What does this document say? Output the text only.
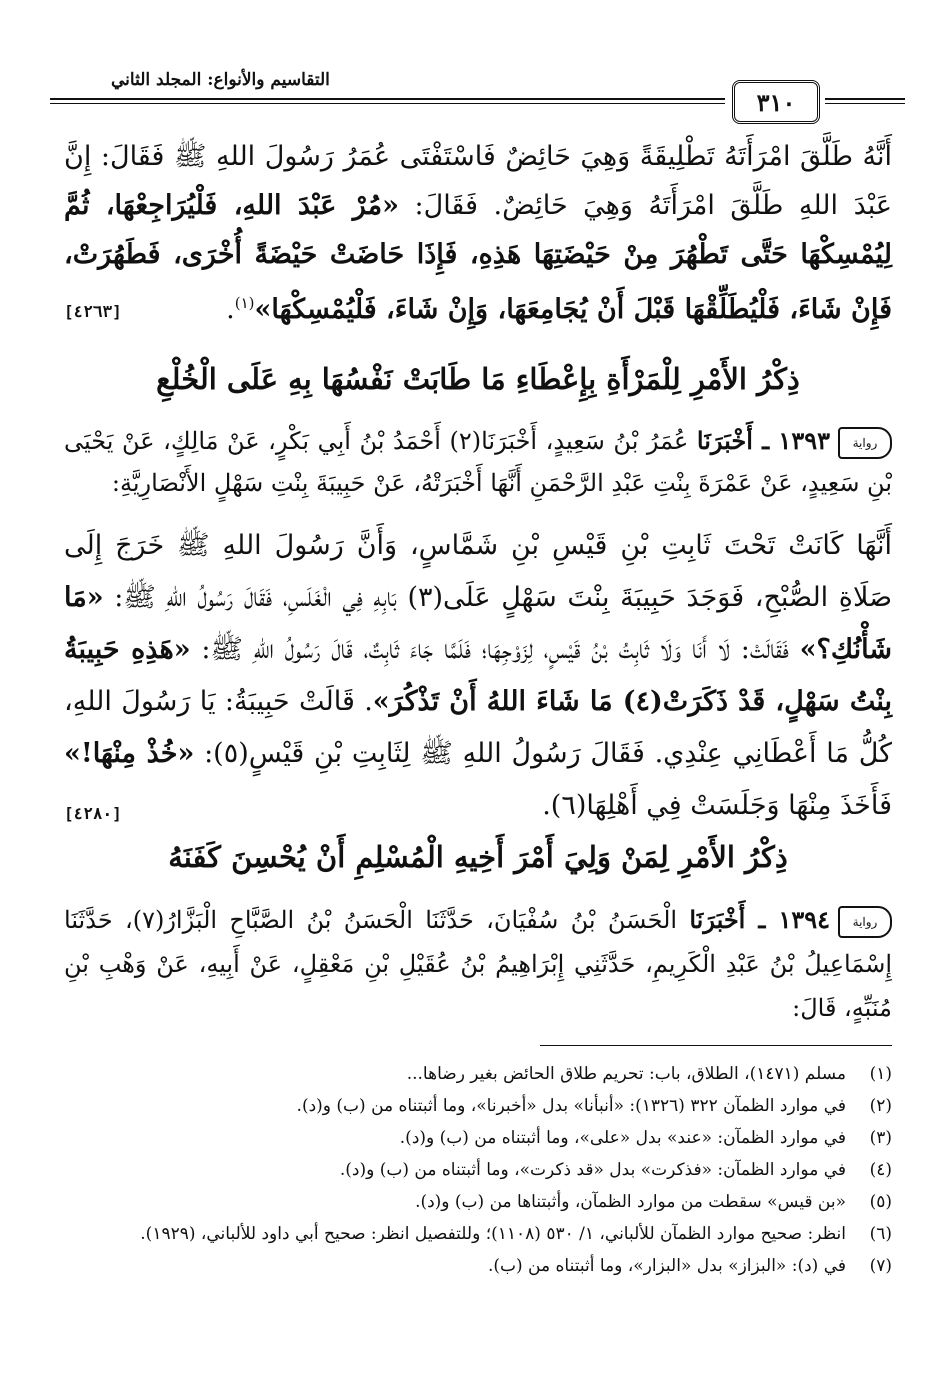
التقاسيم والأنواع: المجلد الثاني
٣١٠
أَنَّهُ طَلَّقَ امْرَأَتَهُ تَطْلِيقَةً وَهِيَ حَائِضٌ فَاسْتَفْتَى عُمَرُ رَسُولَ اللهِ ﷺ فَقَالَ: إِنَّ عَبْدَ اللهِ طَلَّقَ امْرَأَتَهُ وَهِيَ حَائِضٌ. فَقَالَ: «مُرْ عَبْدَ اللهِ، فَلْيُرَاجِعْهَا، ثُمَّ لِيُمْسِكْهَا حَتَّى تَطْهُرَ مِنْ حَيْضَتِهَا هَذِهِ، فَإِذَا حَاضَتْ حَيْضَةً أُخْرَى، فَطَهُرَتْ، فَإِنْ شَاءَ، فَلْيُطَلِّقْهَا قَبْلَ أَنْ يُجَامِعَهَا، وَإِنْ شَاءَ، فَلْيُمْسِكْهَا»$^{(١)}$.
[٤٢٦٣]
ذِكْرُ الأَمْرِ لِلْمَرْأَةِ بِإِعْطَاءِ مَا طَابَتْ نَفْسُهَا بِهِ عَلَى الْخُلْعِ
رواية١٣٩٣ ـ أَخْبَرَنَا عُمَرُ بْنُ سَعِيدٍ، أَخْبَرَنَا(٢) أَحْمَدُ بْنُ أَبِي بَكْرٍ، عَنْ مَالِكٍ، عَنْ يَحْيَى بْنِ سَعِيدٍ، عَنْ عَمْرَةَ بِنْتِ عَبْدِ الرَّحْمَنِ أَنَّهَا أَخْبَرَتْهُ، عَنْ حَبِيبَةَ بِنْتِ سَهْلٍ الأَنْصَارِيَّةِ:
أَنَّهَا كَانَتْ تَحْتَ ثَابِتِ بْنِ قَيْسِ بْنِ شَمَّاسٍ، وَأَنَّ رَسُولَ اللهِ ﷺ خَرَجَ إِلَى صَلَاةِ الصُّبْحِ، فَوَجَدَ حَبِيبَةَ بِنْتَ سَهْلٍ عَلَى(٣) بَابِهِ فِي الْغَلَسِ، فَقَالَ رَسُولُ اللهِ ﷺ: «مَا شَأْنُكِ؟» فَقَالَتْ: لَا أَنَا وَلَا ثَابِتُ بْنُ قَيْسٍ، لِزَوْجِهَا؛ فَلَمَّا جَاءَ ثَابِتٌ، قَالَ رَسُولُ اللهِ ﷺ: «هَذِهِ حَبِيبَةُ بِنْتُ سَهْلٍ، قَدْ ذَكَرَتْ(٤) مَا شَاءَ اللهُ أَنْ تَذْكُرَ». قَالَتْ حَبِيبَةُ: يَا رَسُولَ اللهِ، كُلُّ مَا أَعْطَانِي عِنْدِي. فَقَالَ رَسُولُ اللهِ ﷺ لِثَابِتِ بْنِ قَيْسٍ(٥): «خُذْ مِنْهَا!» فَأَخَذَ مِنْهَا وَجَلَسَتْ فِي أَهْلِهَا(٦).
[٤٢٨٠]
ذِكْرُ الأَمْرِ لِمَنْ وَلِيَ أَمْرَ أَخِيهِ الْمُسْلِمِ أَنْ يُحْسِنَ كَفَنَهُ
رواية١٣٩٤ ـ أَخْبَرَنَا الْحَسَنُ بْنُ سُفْيَانَ، حَدَّثَنَا الْحَسَنُ بْنُ الصَّبَّاحِ الْبَزَّارُ(٧)، حَدَّثَنَا إِسْمَاعِيلُ بْنُ عَبْدِ الْكَرِيمِ، حَدَّثَنِي إِبْرَاهِيمُ بْنُ عُقَيْلِ بْنِ مَعْقِلٍ، عَنْ أَبِيهِ، عَنْ وَهْبِ بْنِ مُنَبِّهٍ، قَالَ:
(١)
مسلم (١٤٧١)، الطلاق، باب: تحريم طلاق الحائض بغير رضاها...
(٢)
في موارد الظمآن ٣٢٢ (١٣٢٦): «أنبأنا» بدل «أخبرنا»، وما أثبتناه من (ب) و(د).
(٣)
في موارد الظمآن: «عند» بدل «على»، وما أثبتناه من (ب) و(د).
(٤)
في موارد الظمآن: «فذكرت» بدل «قد ذكرت»، وما أثبتناه من (ب) و(د).
(٥)
«بن قيس» سقطت من موارد الظمآن، وأثبتناها من (ب) و(د).
(٦)
انظر: صحيح موارد الظمآن للألباني، ١/ ٥٣٠ (١١٠٨)؛ وللتفصيل انظر: صحيح أبي داود للألباني، (١٩٢٩).
(٧)
في (د): «البزاز» بدل «البزار»، وما أثبتناه من (ب).
